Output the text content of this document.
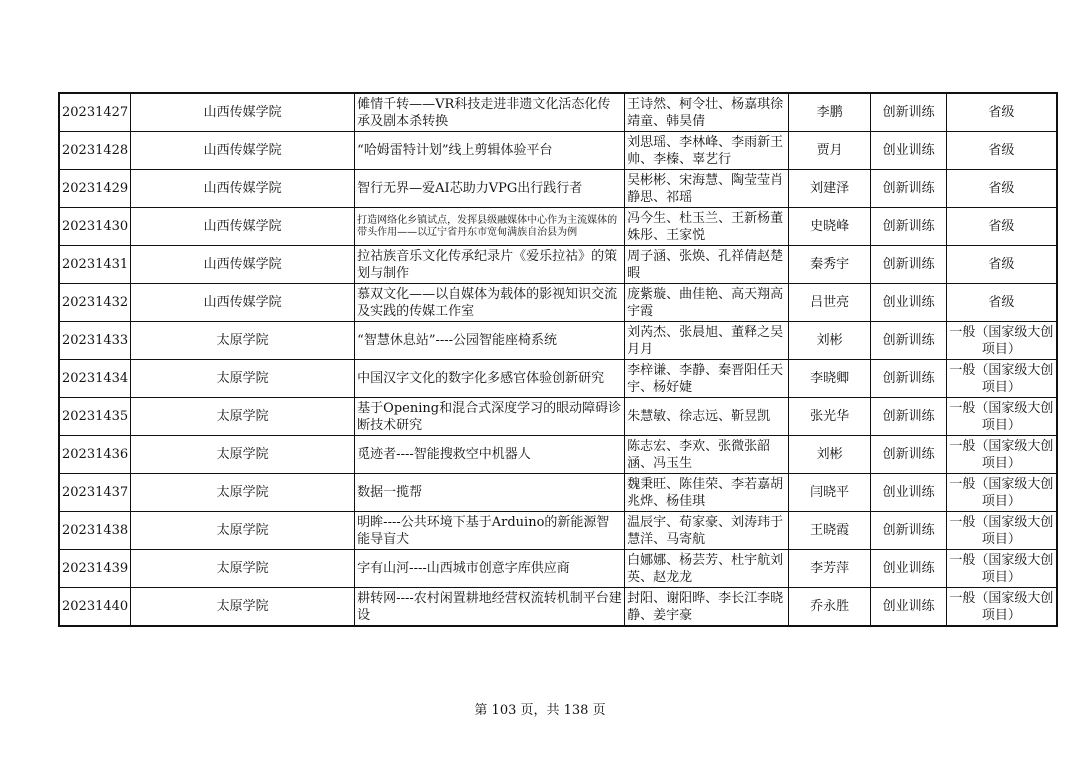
20231427	山西传媒学院	傩情千转——VR科技走进非遗文化活态化传承及剧本杀转换	王诗然、柯令壮、杨嘉琪徐靖童、韩昊倩	李鹏	创新训练	省级
20231428	山西传媒学院	“哈姆雷特计划”线上剪辑体验平台	刘思瑶、李林峰、李雨新王帅、李榛、辜艺行	贾月	创业训练	省级
20231429	山西传媒学院	智行无界—爱AI芯助力VPG出行践行者	吴彬彬、宋海慧、陶莹莹肖静思、祁瑶	刘建泽	创新训练	省级
20231430	山西传媒学院	打造网络化乡镇试点，发挥县级融媒体中心作为主流媒体的带头作用——以辽宁省丹东市宽甸满族自治县为例	冯今生、杜玉兰、王新杨董姝彤、王家悦	史晓峰	创新训练	省级
20231431	山西传媒学院	拉祜族音乐文化传承纪录片《爱乐拉祜》的策划与制作	周子涵、张焕、孔祥倩赵楚暇	秦秀宇	创新训练	省级
20231432	山西传媒学院	慕双文化——以自媒体为载体的影视知识交流及实践的传媒工作室	庞紫璇、曲佳艳、高天翔高宇霞	吕世亮	创业训练	省级
20231433	太原学院	“智慧休息站”----公园智能座椅系统	刘芮杰、张晨旭、董释之吴月月	刘彬	创新训练	一般（国家级大创项目）
20231434	太原学院	中国汉字文化的数字化多感官体验创新研究	李梓谦、李静、秦晋阳任天宇、杨好婕	李晓卿	创新训练	一般（国家级大创项目）
20231435	太原学院	基于Opening和混合式深度学习的眼动障碍诊断技术研究	朱慧敏、徐志远、靳昱凯	张光华	创新训练	一般（国家级大创项目）
20231436	太原学院	觅迹者----智能搜救空中机器人	陈志宏、李欢、张微张韶涵、冯玉生	刘彬	创新训练	一般（国家级大创项目）
20231437	太原学院	数据一揽帮	魏秉旺、陈佳荣、李若嘉胡兆烨、杨佳琪	闫晓平	创业训练	一般（国家级大创项目）
20231438	太原学院	明眸----公共环境下基于Arduino的新能源智能导盲犬	温辰宇、荀家豪、刘涛玮于慧洋、马寄航	王晓霞	创新训练	一般（国家级大创项目）
20231439	太原学院	字有山河----山西城市创意字库供应商	白娜娜、杨芸芳、杜宇航刘英、赵龙龙	李芳萍	创业训练	一般（国家级大创项目）
20231440	太原学院	耕转网----农村闲置耕地经营权流转机制平台建设	封阳、谢阳晔、李长江李晓静、姜宇豪	乔永胜	创业训练	一般（国家级大创项目）
第 103 页，共 138 页
